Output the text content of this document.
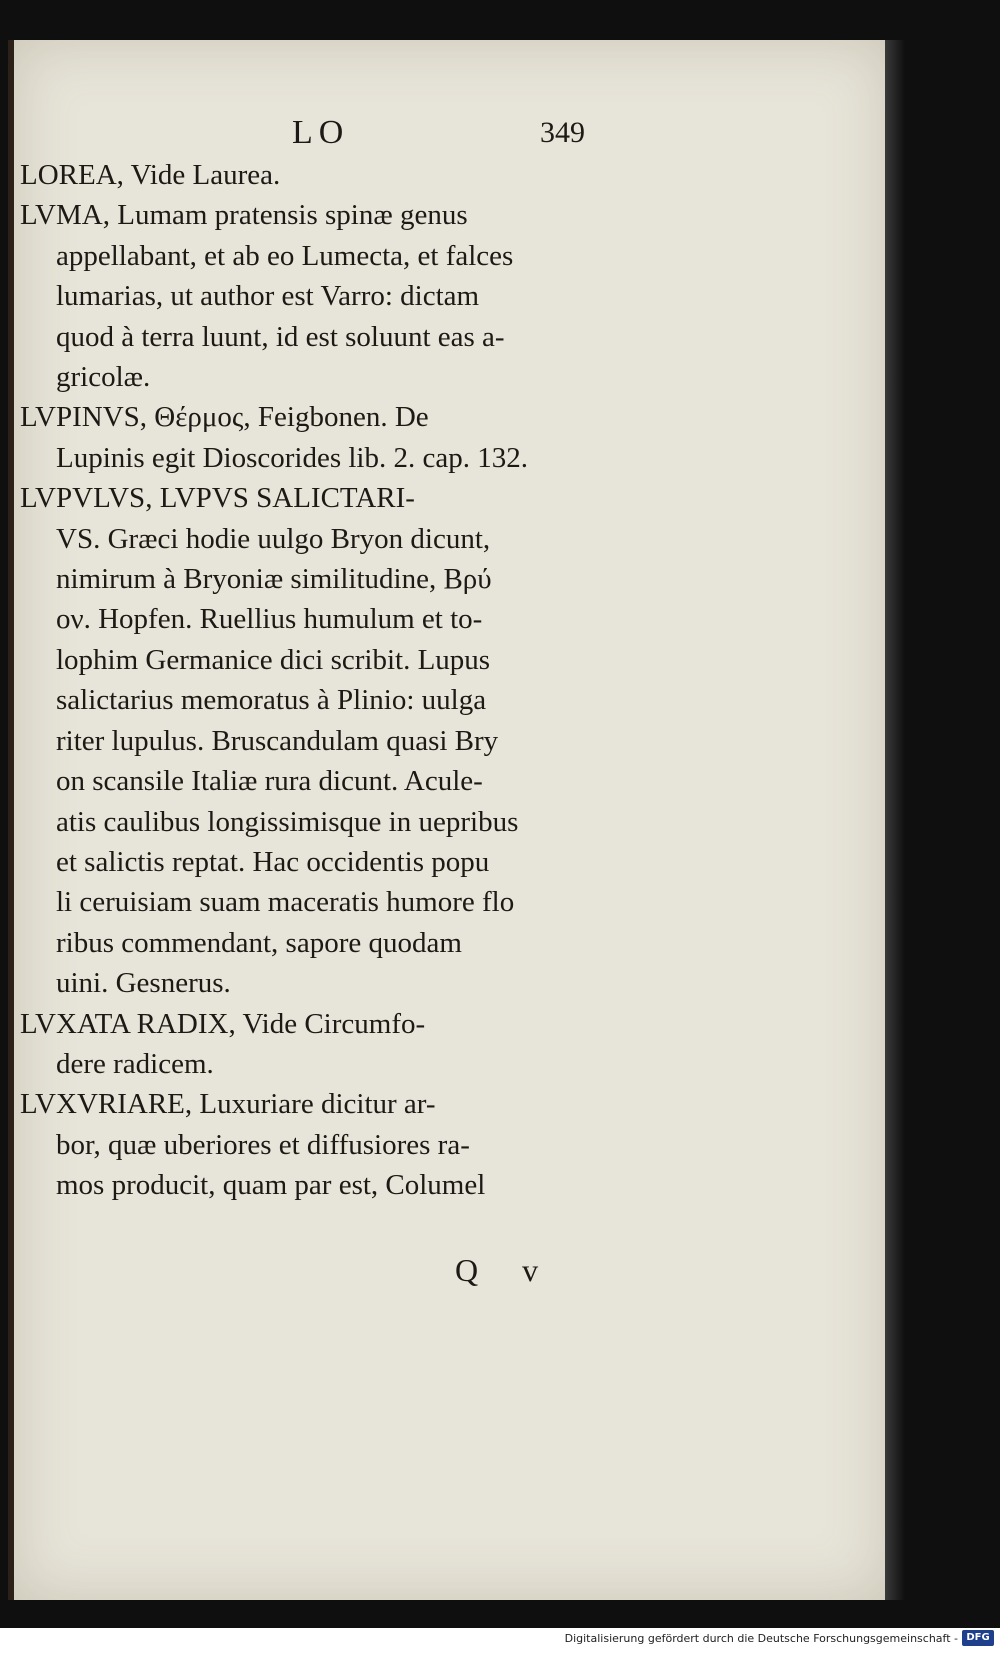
LO	349
LOREA, Vide Laurea.
LVMA, Lumam pratensis spinæ genus
appellabant, et ab eo Lumecta, et falces
lumarias, ut author est Varro: dictam
quod à terra luunt, id est soluunt eas a-
gricolæ.
LVPINVS, Θέρμος, Feigbonen. De
Lupinis egit Dioscorides lib. 2. cap. 132.
LVPVLVS, LVPVS SALICTARI-
VS. Græci hodie uulgo Bryon dicunt,
nimirum à Bryoniæ similitudine, Βρύ
ον. Hopfen. Ruellius humulum et to-
lophim Germanice dici scribit. Lupus
salictarius memoratus à Plinio: uulga
riter lupulus. Bruscandulam quasi Bry
on scansile Italiæ rura dicunt. Acule-
atis caulibus longissimisque in uepribus
et salictis reptat. Hac occidentis popu
li ceruisiam suam maceratis humore flo
ribus commendant, sapore quodam
uini. Gesnerus.
LVXATA RADIX, Vide Circumfo-
dere radicem.
LVXVRIARE, Luxuriare dicitur ar-
bor, quæ uberiores et diffusiores ra-
mos producit, quam par est, Columel
Q v
Digitalisierung gefördert durch die Deutsche Forschungsgemeinschaft - DFG
